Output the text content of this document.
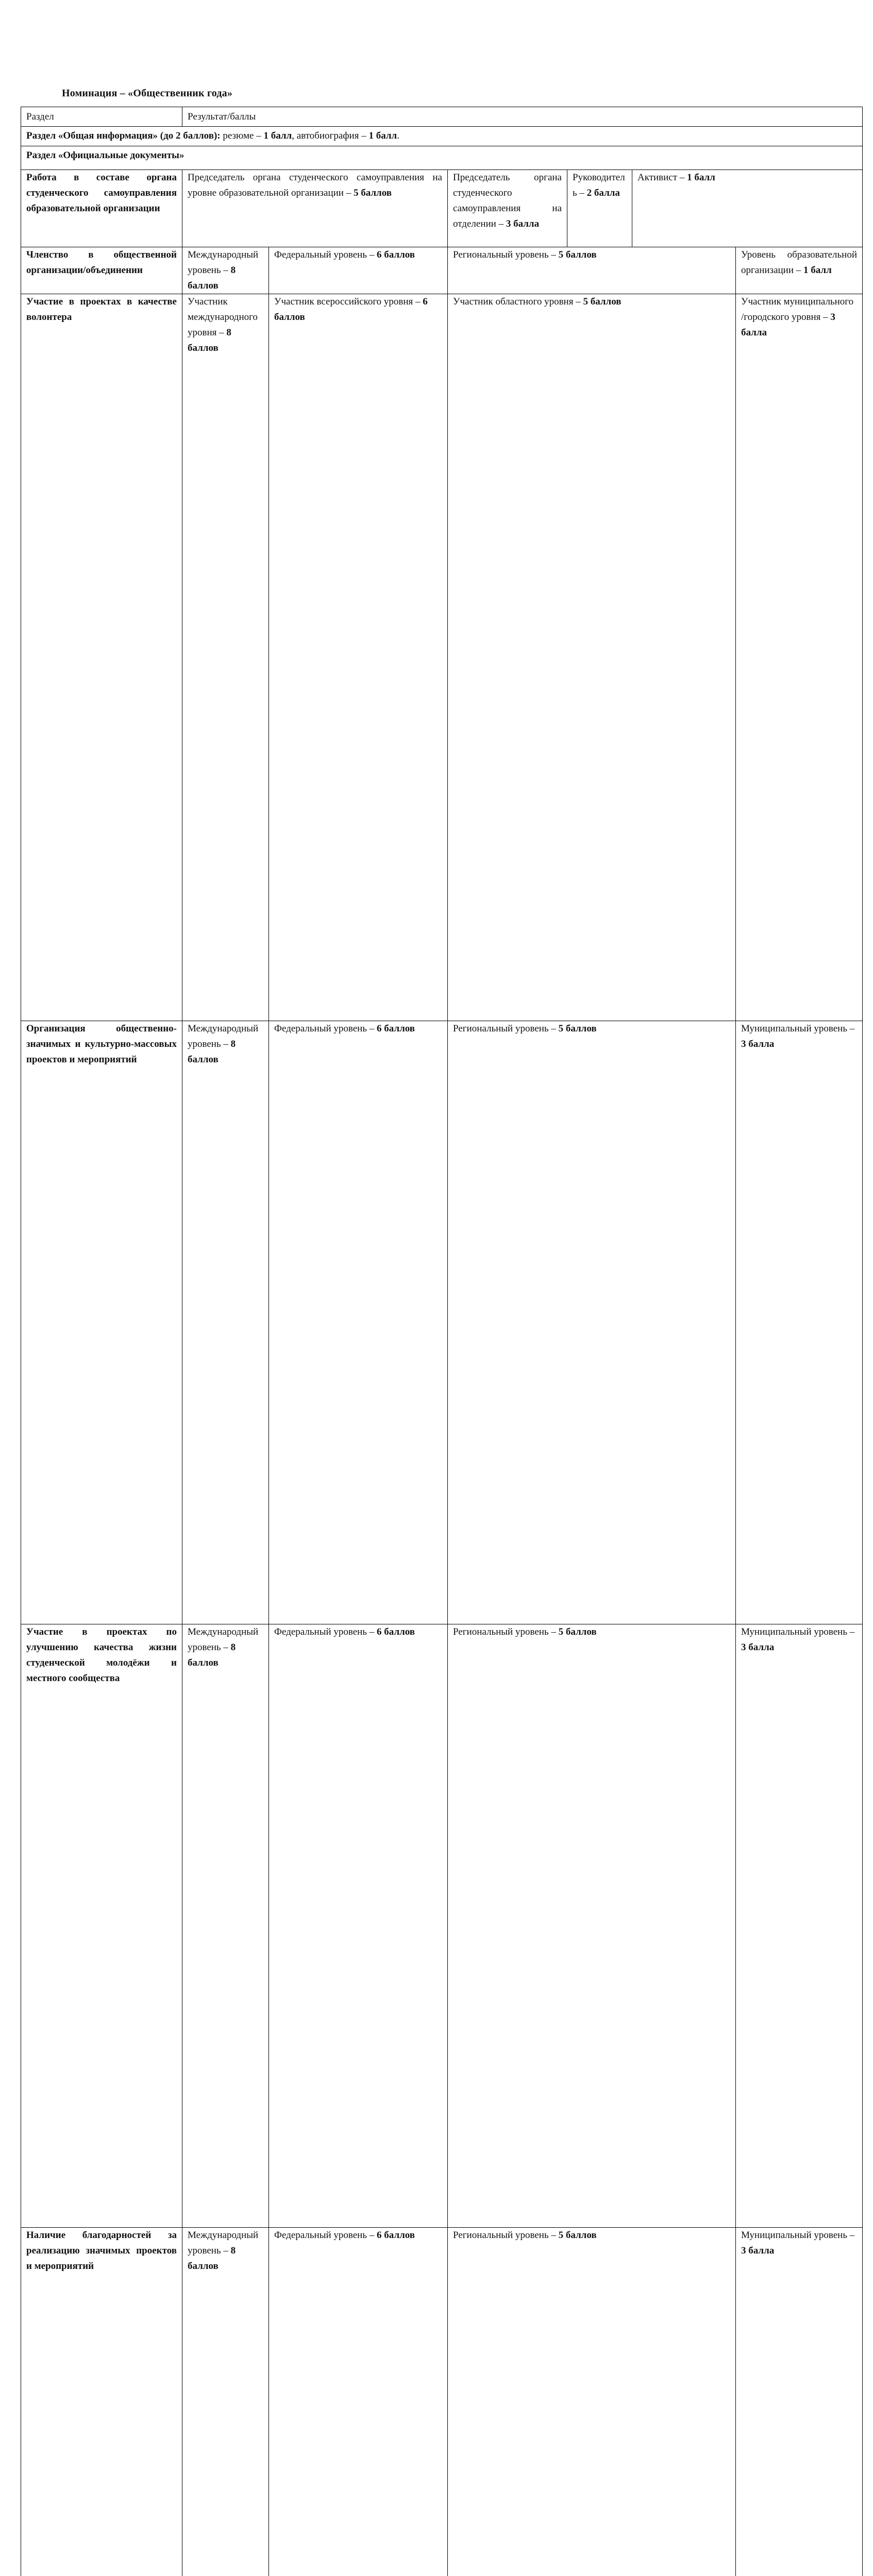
Номинация – «Общественник года»
Раздел	Результат/баллы						
Раздел «Общая информация» (до 2 баллов): резюме – 1 балл, автобиография – 1 балл.							
Раздел «Официальные документы»							
Работа в составе органа студенческого самоуправления образовательной организации	Председатель органа студенческого самоуправления на уровне образовательной организации – 5 баллов		Председатель органа студенческого самоуправления на отделении – 3 балла	Руководитель – 2 балла	Активист – 1 балл		
Членство в общественной организации/объединении	Международный уровень – 8 баллов	Федеральный уровень – 6 баллов	Региональный уровень – 5 баллов			Уровень образовательной организации – 1 балл	
Участие в проектах в качестве волонтера	Участник международного уровня – 8 баллов	Участник всероссийского уровня – 6 баллов	Участник областного уровня – 5 баллов			Участник муниципального /городского уровня – 3 балла	
Организация общественно-значимых и культурно-массовых проектов и мероприятий	Международный уровень – 8 баллов	Федеральный уровень – 6 баллов	Региональный уровень – 5 баллов			Муниципальный уровень – 3 балла	
Участие в проектах по улучшению качества жизни студенческой молодёжи и местного сообщества	Международный уровень – 8 баллов	Федеральный уровень – 6 баллов	Региональный уровень – 5 баллов			Муниципальный уровень – 3 балла	
Наличие благодарностей за реализацию значимых проектов и мероприятий	Международный уровень – 8 баллов	Федеральный уровень – 6 баллов	Региональный уровень – 5 баллов			Муниципальный уровень – 3 балла	
